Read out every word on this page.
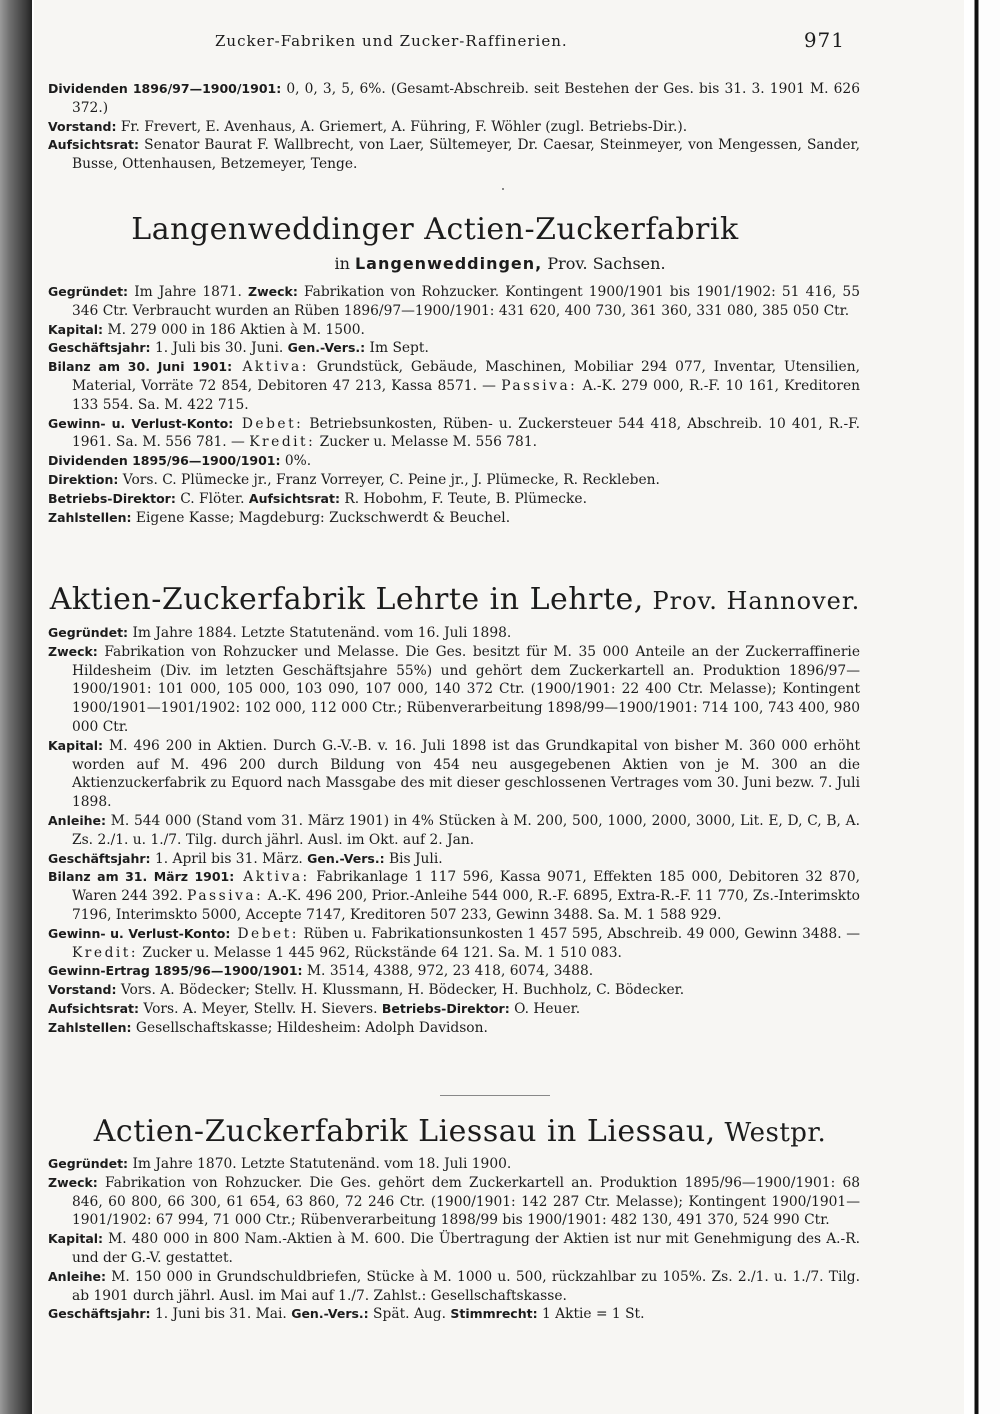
Zucker-Fabriken und Zucker-Raffinerien.	971

Dividenden 1896/97—1900/1901: 0, 0, 3, 5, 6%. (Gesamt-Abschreib. seit Bestehen der Ges. bis 31. 3. 1901 M. 626 372.)

Vorstand: Fr. Frevert, E. Avenhaus, A. Griemert, A. Führing, F. Wöhler (zugl. Betriebs-Dir.).

Aufsichtsrat: Senator Baurat F. Wallbrecht, von Laer, Sültemeyer, Dr. Caesar, Steinmeyer, von Mengessen, Sander, Busse, Ottenhausen, Betzemeyer, Tenge.

Langenweddinger Actien-Zuckerfabrik
in Langenweddingen, Prov. Sachsen.

Gegründet: Im Jahre 1871. Zweck: Fabrikation von Rohzucker. Kontingent 1900/1901 bis 1901/1902: 51 416, 55 346 Ctr. Verbraucht wurden an Rüben 1896/97—1900/1901: 431 620, 400 730, 361 360, 331 080, 385 050 Ctr.

Kapital: M. 279 000 in 186 Aktien à M. 1500.

Geschäftsjahr: 1. Juli bis 30. Juni. Gen.-Vers.: Im Sept.

Bilanz am 30. Juni 1901: Aktiva: Grundstück, Gebäude, Maschinen, Mobiliar 294 077, Inventar, Utensilien, Material, Vorräte 72 854, Debitoren 47 213, Kassa 8571. — Passiva: A.-K. 279 000, R.-F. 10 161, Kreditoren 133 554. Sa. M. 422 715.

Gewinn- u. Verlust-Konto: Debet: Betriebsunkosten, Rüben- u. Zuckersteuer 544 418, Abschreib. 10 401, R.-F. 1961. Sa. M. 556 781. — Kredit: Zucker u. Melasse M. 556 781.

Dividenden 1895/96—1900/1901: 0%.

Direktion: Vors. C. Plümecke jr., Franz Vorreyer, C. Peine jr., J. Plümecke, R. Reckleben.

Betriebs-Direktor: C. Flöter. Aufsichtsrat: R. Hobohm, F. Teute, B. Plümecke.

Zahlstellen: Eigene Kasse; Magdeburg: Zuckschwerdt & Beuchel.

Aktien-Zuckerfabrik Lehrte in Lehrte, Prov. Hannover.

Gegründet: Im Jahre 1884. Letzte Statutenänd. vom 16. Juli 1898.

Zweck: Fabrikation von Rohzucker und Melasse. Die Ges. besitzt für M. 35 000 Anteile an der Zuckerraffinerie Hildesheim (Div. im letzten Geschäftsjahre 55%) und gehört dem Zuckerkartell an. Produktion 1896/97—1900/1901: 101 000, 105 000, 103 090, 107 000, 140 372 Ctr. (1900/1901: 22 400 Ctr. Melasse); Kontingent 1900/1901—1901/1902: 102 000, 112 000 Ctr.; Rübenverarbeitung 1898/99—1900/1901: 714 100, 743 400, 980 000 Ctr.

Kapital: M. 496 200 in Aktien. Durch G.-V.-B. v. 16. Juli 1898 ist das Grundkapital von bisher M. 360 000 erhöht worden auf M. 496 200 durch Bildung von 454 neu ausgegebenen Aktien von je M. 300 an die Aktienzuckerfabrik zu Equord nach Massgabe des mit dieser geschlossenen Vertrages vom 30. Juni bezw. 7. Juli 1898.

Anleihe: M. 544 000 (Stand vom 31. März 1901) in 4% Stücken à M. 200, 500, 1000, 2000, 3000, Lit. E, D, C, B, A. Zs. 2./1. u. 1./7. Tilg. durch jährl. Ausl. im Okt. auf 2. Jan.

Geschäftsjahr: 1. April bis 31. März. Gen.-Vers.: Bis Juli.

Bilanz am 31. März 1901: Aktiva: Fabrikanlage 1 117 596, Kassa 9071, Effekten 185 000, Debitoren 32 870, Waren 244 392. Passiva: A.-K. 496 200, Prior.-Anleihe 544 000, R.-F. 6895, Extra-R.-F. 11 770, Zs.-Interimskto 7196, Interimskto 5000, Accepte 7147, Kreditoren 507 233, Gewinn 3488. Sa. M. 1 588 929.

Gewinn- u. Verlust-Konto: Debet: Rüben u. Fabrikationsunkosten 1 457 595, Abschreib. 49 000, Gewinn 3488. — Kredit: Zucker u. Melasse 1 445 962, Rückstände 64 121. Sa. M. 1 510 083.

Gewinn-Ertrag 1895/96—1900/1901: M. 3514, 4388, 972, 23 418, 6074, 3488.

Vorstand: Vors. A. Bödecker; Stellv. H. Klussmann, H. Bödecker, H. Buchholz, C. Bödecker.

Aufsichtsrat: Vors. A. Meyer, Stellv. H. Sievers. Betriebs-Direktor: O. Heuer.

Zahlstellen: Gesellschaftskasse; Hildesheim: Adolph Davidson.

Actien-Zuckerfabrik Liessau in Liessau, Westpr.

Gegründet: Im Jahre 1870. Letzte Statutenänd. vom 18. Juli 1900.

Zweck: Fabrikation von Rohzucker. Die Ges. gehört dem Zuckerkartell an. Produktion 1895/96—1900/1901: 68 846, 60 800, 66 300, 61 654, 63 860, 72 246 Ctr. (1900/1901: 142 287 Ctr. Melasse); Kontingent 1900/1901—1901/1902: 67 994, 71 000 Ctr.; Rübenverarbeitung 1898/99 bis 1900/1901: 482 130, 491 370, 524 990 Ctr.

Kapital: M. 480 000 in 800 Nam.-Aktien à M. 600. Die Übertragung der Aktien ist nur mit Genehmigung des A.-R. und der G.-V. gestattet.

Anleihe: M. 150 000 in Grundschuldbriefen, Stücke à M. 1000 u. 500, rückzahlbar zu 105%. Zs. 2./1. u. 1./7. Tilg. ab 1901 durch jährl. Ausl. im Mai auf 1./7. Zahlst.: Gesellschaftskasse.

Geschäftsjahr: 1. Juni bis 31. Mai. Gen.-Vers.: Spät. Aug. Stimmrecht: 1 Aktie = 1 St.
